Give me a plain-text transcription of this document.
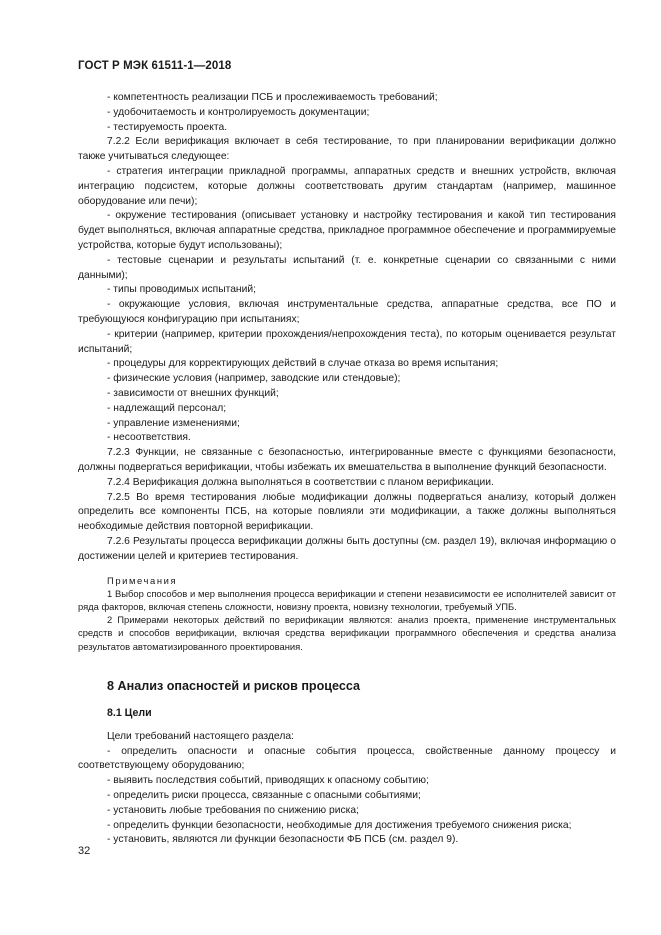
ГОСТ Р МЭК 61511-1—2018

- компетентность реализации ПСБ и прослеживаемость требований;

- удобочитаемость и контролируемость документации;

- тестируемость проекта.

7.2.2 Если верификация включает в себя тестирование, то при планировании верификации должно также учитываться следующее:

- стратегия интеграции прикладной программы, аппаратных средств и внешних устройств, включая интеграцию подсистем, которые должны соответствовать другим стандартам (например, машинное оборудование или печи);

- окружение тестирования (описывает установку и настройку тестирования и какой тип тестирования будет выполняться, включая аппаратные средства, прикладное программное обеспечение и программируемые устройства, которые будут использованы);

- тестовые сценарии и результаты испытаний (т. е. конкретные сценарии со связанными с ними данными);

- типы проводимых испытаний;

- окружающие условия, включая инструментальные средства, аппаратные средства, все ПО и требующуюся конфигурацию при испытаниях;

- критерии (например, критерии прохождения/непрохождения теста), по которым оценивается результат испытаний;

- процедуры для корректирующих действий в случае отказа во время испытания;

- физические условия (например, заводские или стендовые);

- зависимости от внешних функций;

- надлежащий персонал;

- управление изменениями;

- несоответствия.

7.2.3 Функции, не связанные с безопасностью, интегрированные вместе с функциями безопасности, должны подвергаться верификации, чтобы избежать их вмешательства в выполнение функций безопасности.

7.2.4 Верификация должна выполняться в соответствии с планом верификации.

7.2.5 Во время тестирования любые модификации должны подвергаться анализу, который должен определить все компоненты ПСБ, на которые повлияли эти модификации, а также должны выполняться необходимые действия повторной верификации.

7.2.6 Результаты процесса верификации должны быть доступны (см. раздел 19), включая информацию о достижении целей и критериев тестирования.

Примечания

1 Выбор способов и мер выполнения процесса верификации и степени независимости ее исполнителей зависит от ряда факторов, включая степень сложности, новизну проекта, новизну технологии, требуемый УПБ.

2 Примерами некоторых действий по верификации являются: анализ проекта, применение инструментальных средств и способов верификации, включая средства верификации программного обеспечения и средства анализа результатов автоматизированного проектирования.

8 Анализ опасностей и рисков процесса

8.1 Цели

Цели требований настоящего раздела:

- определить опасности и опасные события процесса, свойственные данному процессу и соответствующему оборудованию;

- выявить последствия событий, приводящих к опасному событию;

- определить риски процесса, связанные с опасными событиями;

- установить любые требования по снижению риска;

- определить функции безопасности, необходимые для достижения требуемого снижения риска;

- установить, являются ли функции безопасности ФБ ПСБ (см. раздел 9).

32
